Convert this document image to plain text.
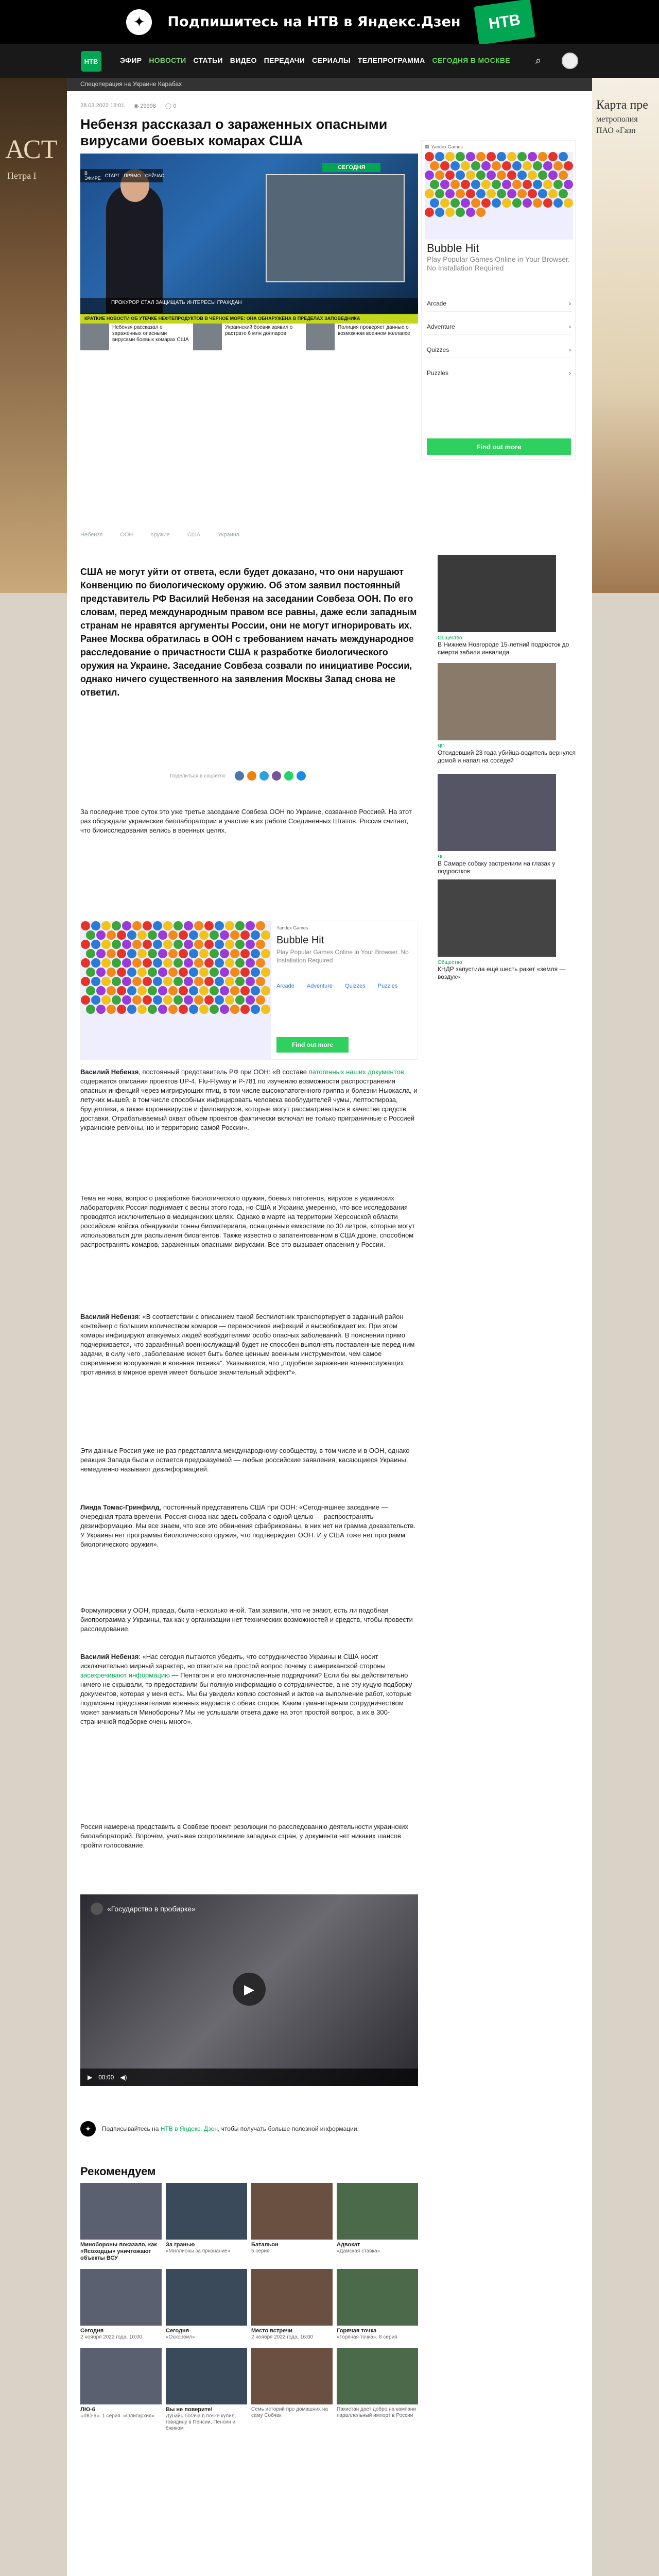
✦	Подпишитесь на НТВ в Яндекс.Дзен	НТВ
НТВ	ЭФИР НОВОСТИ СТАТЬИ ВИДЕО ПЕРЕДАЧИ СЕРИАЛЫ ТЕЛЕПРОГРАММА СЕГОДНЯ В МОСКВЕ ⌕
АСТ
Петра I
Карта пре
метрополия
ПАО «Газп
Спецоперация на Украине Карабах
28.03.2022 18:01 ◉ 29998 ◯ 0
Небензя рассказал о зараженных опасными вирусами боевых комарах США
СЕГОДНЯ
В ЭФИРЕ СТАРТ ПРЯМО СЕЙЧАС
ПРОКУРОР СТАЛ ЗАЩИЩАТЬ ИНТЕРЕСЫ ГРАЖДАН
КРАТКИЕ НОВОСТИ ОБ УТЕЧКЕ НЕФТЕПРОДУКТОВ В ЧЁРНОЕ МОРЕ: ОНА ОБНАРУЖЕНА В ПРЕДЕЛАХ ЗАПОВЕДНИКА
Небензя рассказал о зараженных опасными вирусами боевых комарах США
Украинский боевик заявил о растрате 6 млн долларов
Полиция проверяет данные о возможном военном коллапсе
▦ Yandex Games
Bubble Hit
Play Popular Games Online in Your Browser. No Installation Required
Arcade	›
Adventure	›
Quizzes	›
Puzzles	›
Find out more
Небензя	ООН	оружие	США	Украина
США не могут уйти от ответа, если будет доказано, что они нарушают Конвенцию по биологическому оружию. Об этом заявил постоянный представитель РФ Василий Небензя на заседании Совбеза ООН. По его словам, перед международным правом все равны, даже если западным странам не нравятся аргументы России, они не могут игнорировать их. Ранее Москва обратилась в ООН с требованием начать международное расследование о причастности США к разработке биологического оружия на Украине. Заседание Совбеза созвали по инициативе России, однако ничего существенного на заявления Москвы Запад снова не ответил.
Поделиться в соцсетях:

За последние трое суток это уже третье заседание Совбеза ООН по Украине, созванное Россией. На этот раз обсуждали украинские биолаборатории и участие в их работе Соединенных Штатов. Россия считает, что биоисследования велись в военных целях.

Василий Небензя, постоянный представитель РФ при ООН: «В составе патогенных наших документов содержатся описания проектов UP-4, Flu-Flyway и P-781 по изучению возможности распространения опасных инфекций через мигрирующих птиц, в том числе высокопатогенного гриппа и болезни Ньюкасла, и летучих мышей, в том числе способных инфицировать человека вооблудителей чумы, лептоспироза, бруцеллеза, а также коронавирусов и филовирусов, которые могут рассматриваться в качестве средств доставки. Отрабатываемый охват объем проектов фактически включал не только приграничные с Россией украинские регионы, но и территорию самой России».

Тема не нова, вопрос о разработке биологического оружия, боевых патогенов, вирусов в украинских лабораториях Россия поднимает с весны этого года, но США и Украина умеренно, что все исследования проводятся исключительно в медицинских целях. Однако в марте на территории Херсонской области российские войска обнаружили тонны биоматериала, оснащенные емкостями по 30 литров, которые могут использоваться для распыления биоагентов. Также известно о запатентованном в США дроне, способном распространять комаров, зараженных опасными вирусами. Все это вызывает опасения у России.

Василий Небензя: «В соответствии с описанием такой беспилотник транспортирует в заданный район контейнер с большим количеством комаров — переносчиков инфекций и высвобождает их. При этом комары инфицируют атакуемых людей возбудителями особо опасных заболеваний. В пояснении прямо подчеркивается, что заражённый военнослужащий будет не способен выполнять поставленные перед ним задачи, в силу чего „заболевание может быть более ценным военным инструментом, чем самое современное вооружение и военная техника“. Указывается, что „подобное заражение военнослужащих противника в мирное время имеет большое значительный эффект“».

Эти данные Россия уже не раз представляла международному сообществу, в том числе и в ООН, однако реакция Запада была и остается предсказуемой — любые российские заявления, касающиеся Украины, немедленно называют дезинформацией.

Линда Томас-Гринфилд, постоянный представитель США при ООН: «Сегодняшнее заседание — очередная трата времени. Россия снова нас здесь собрала с одной целью — распространять дезинформацию. Мы все знаем, что все это обвинения сфабрикованы, в них нет ни грамма доказательств. У Украины нет программы биологического оружия, что подтверждает ООН. И у США тоже нет программ биологического оружия».

Формулировки у ООН, правда, была несколько иной. Там заявили, что не знают, есть ли подобная биопрограмма у Украины, так как у организации нет технических возможностей и средств, чтобы провести расследование.

Василий Небензя: «Нас сегодня пытаются убедить, что сотрудничество Украины и США носит исключительно мирный характер, но ответьте на простой вопрос почему с американской стороны засекречивают информацию — Пентагон и его многочисленные подрядчики? Если бы вы действительно ничего не скрывали, то предоставили бы полную информацию о сотрудничестве, а не эту куцую подборку документов, которая у меня есть. Мы бы увидели копию состояний и актов на выполнение работ, которые подписаны представителями военных ведомств с обеих сторон. Каким гуманитарным сотрудничеством может заниматься Минобороны? Мы не услышали ответа даже на этот простой вопрос, а их в 300-страничной подборке очень много».

Россия намерена представить в Совбезе проект резолюции по расследованию деятельности украинских биолабораторий. Впрочем, учитывая сопротивление западных стран, у документа нет никаких шансов пройти голосование.

Yandex Games
Bubble Hit
Play Popular Games Online in Your Browser. No Installation Required
Arcade Adventure Quizzes Puzzles
Find out more
«Государство в пробирке»
▶
▶ 00:00 ◀)
✦	Подписывайтесь на НТВ в Яндекс. Дзен, чтобы получать больше полезной информации.
Рекомендуем
Минобороны показало, как «Ясоходцы» уничтожают объекты ВСУ
За гранью
«Миллионы за признание»
Батальон
5 серия
Адвокат
«Дамская ставка»
Сегодня
2 ноября 2022 года, 10:00
Сегодня
«Оскорбил»
Место встречи
2 ноября 2022 года, 16:00
Горячая точка
«Горячая точка». 8 серия
ЛЮ-6
«ЛЮ-6». 1 серия. «Олигархия»
Вы не поверите!
Дубайь богача в почке купил, говядину в Пенсии, Пенсии и ёжиком
Семь историй про домашних на саму Собчак
Пакистан дает добро на кампани параллельный импорт в России
Общество
В Нижнем Новгороде 15-летний подросток до смерти забили инвалида
ЧП
Отсидевший 23 года убийца-водитель вернулся домой и напал на соседей
ЧП
В Самаре собаку застрелили на глазах у подростков
Общество
КНДР запустила ещё шесть ракет «земля — воздух»
